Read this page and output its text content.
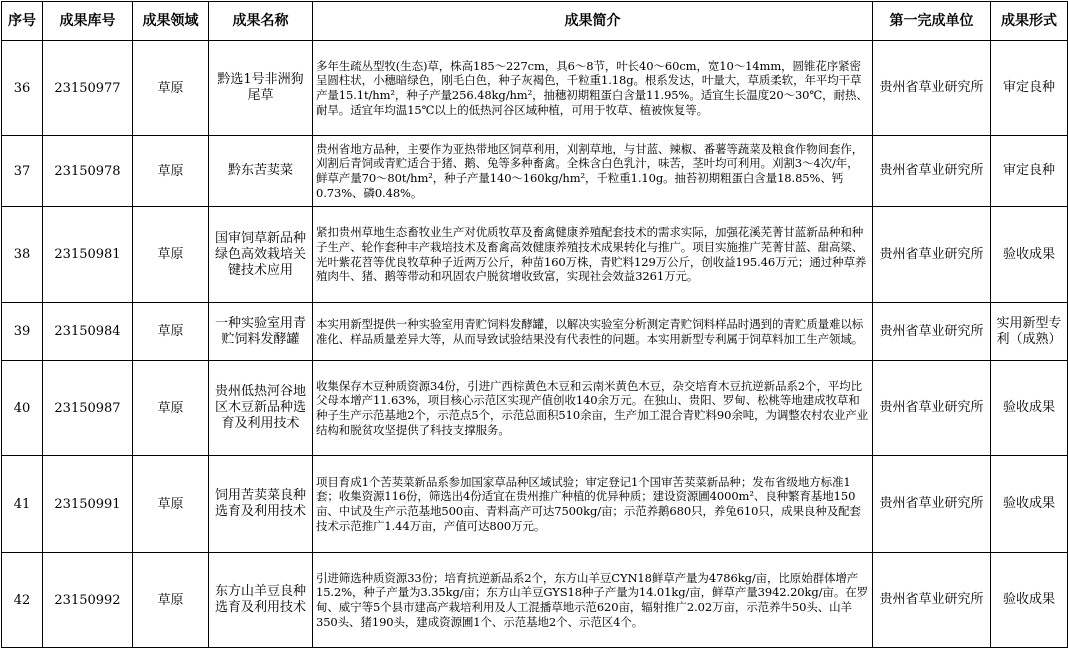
序号	成果库号	成果领域	成果名称	成果简介	第一完成单位	成果形式
36	23150977	草原	黔选1号非洲狗尾草	多年生疏丛型牧(生态)草，株高185～227cm，具6～8节，叶长40～60cm，宽10～14mm，圆锥花序紧密呈圆柱状，小穗暗绿色，刚毛白色，种子灰褐色，千粒重1.18g。根系发达，叶量大，草质柔软，年平均干草产量15.1t/hm²，种子产量256.48kg/hm²，抽穗初期粗蛋白含量11.95%。适宜生长温度20～30℃，耐热、耐旱。适宜年均温15℃以上的低热河谷区域种植，可用于牧草、植被恢复等。	贵州省草业研究所	审定良种
37	23150978	草原	黔东苦荬菜	贵州省地方品种，主要作为亚热带地区饲草利用，刈割草地，与甘蓝、辣椒、番薯等蔬菜及粮食作物间套作，刈割后青饲或青贮适合于猪、鹅、兔等多种畜禽。全株含白色乳汁，味苦，茎叶均可利用。刈割3～4次/年，鲜草产量70～80t/hm²，种子产量140～160kg/hm²，千粒重1.10g。抽苔初期粗蛋白含量18.85%、钙0.73%、磷0.48%。	贵州省草业研究所	审定良种
38	23150981	草原	国审饲草新品种绿色高效栽培关键技术应用	紧扣贵州草地生态畜牧业生产对优质牧草及畜禽健康养殖配套技术的需求实际，加强花溪芜菁甘蓝新品种和种子生产、轮作套种丰产栽培技术及畜禽高效健康养殖技术成果转化与推广。项目实施推广芜菁甘蓝、甜高粱、光叶紫花苕等优良牧草种子近两万公斤，种苗160万株，青贮料129万公斤，创收益195.46万元；通过种草养殖肉牛、猪、鹅等带动和巩固农户脱贫增收致富，实现社会效益3261万元。	贵州省草业研究所	验收成果
39	23150984	草原	一种实验室用青贮饲料发酵罐	本实用新型提供一种实验室用青贮饲料发酵罐，以解决实验室分析测定青贮饲料样品时遇到的青贮质量难以标准化、样品质量差异大等，从而导致试验结果没有代表性的问题。本实用新型专利属于饲草料加工生产领域。	贵州省草业研究所	实用新型专利（成熟）
40	23150987	草原	贵州低热河谷地区木豆新品种选育及利用技术	收集保存木豆种质资源34份，引进广西棕黄色木豆和云南米黄色木豆，杂交培育木豆抗逆新品系2个，平均比父母本增产11.63%，项目核心示范区实现产值创收140余万元。在独山、贵阳、罗甸、松桃等地建成牧草和种子生产示范基地2个，示范点5个，示范总面积510余亩，生产加工混合青贮料90余吨，为调整农村农业产业结构和脱贫攻坚提供了科技支撑服务。	贵州省草业研究所	验收成果
41	23150991	草原	饲用苦荬菜良种选育及利用技术	项目育成1个苦荬菜新品系参加国家草品种区域试验；审定登记1个国审苦荬菜新品种；发布省级地方标准1套；收集资源116份，筛选出4份适宜在贵州推广种植的优异种质；建设资源圃4000m²、良种繁育基地150亩、中试及生产示范基地500亩、青料高产可达7500kg/亩；示范养鹅680只，养兔610只，成果良种及配套技术示范推广1.44万亩，产值可达800万元。	贵州省草业研究所	验收成果
42	23150992	草原	东方山羊豆良种选育及利用技术	引进筛选种质资源33份；培育抗逆新品系2个，东方山羊豆CYN18鲜草产量为4786kg/亩，比原始群体增产15.2%，种子产量为3.35kg/亩；东方山羊豆GYS18种子产量为14.01kg/亩，鲜草产量3942.20kg/亩。在罗甸、威宁等5个县市建高产栽培利用及人工混播草地示范620亩，辐射推广2.02万亩，示范养牛50头、山羊350头、猪190头，建成资源圃1个、示范基地2个、示范区4个。	贵州省草业研究所	验收成果
